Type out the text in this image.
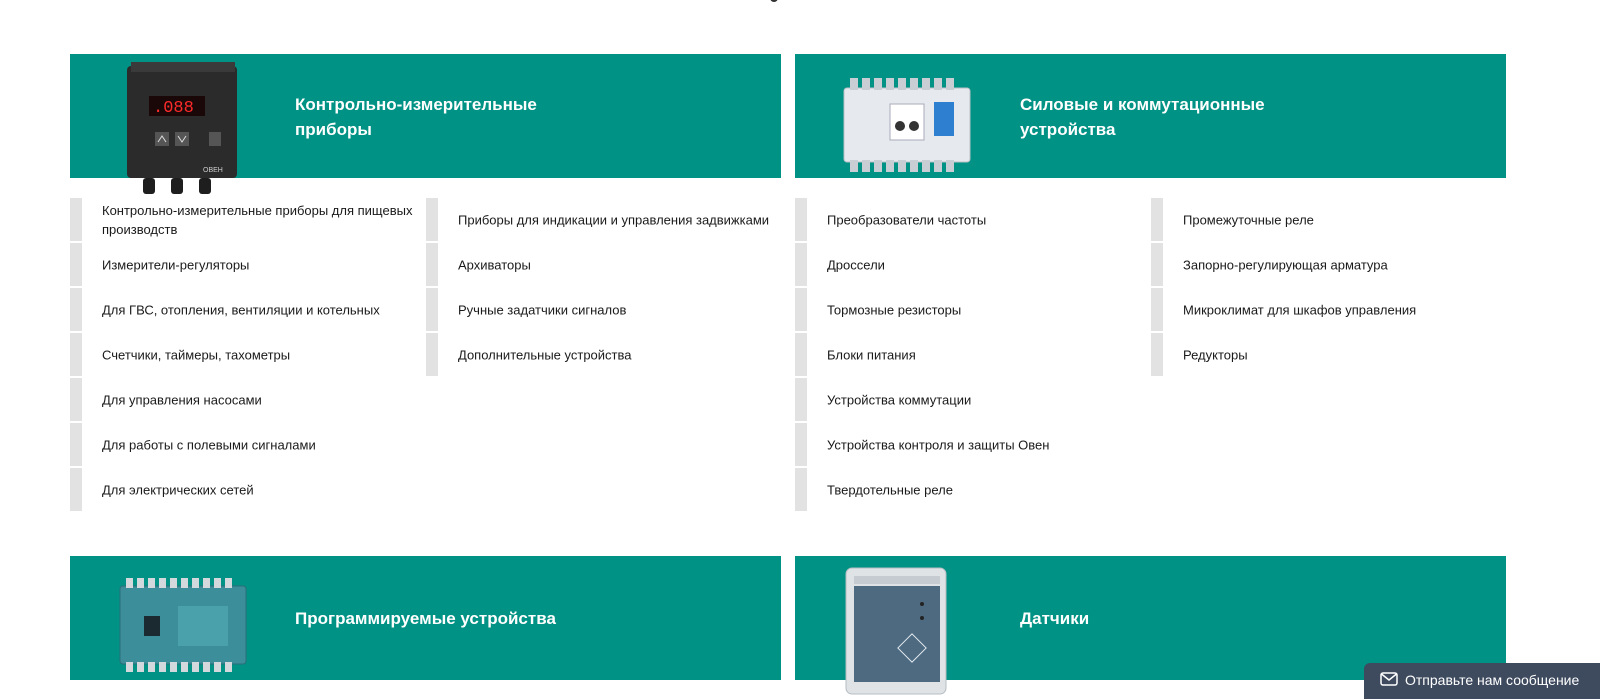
.088
ОВЕН
Контрольно-измерительные приборы
Контрольно-измерительные приборы для пищевых производств
Измерители-регуляторы
Для ГВС, отопления, вентиляции и котельных
Счетчики, таймеры, тахометры
Для управления насосами
Для работы с полевыми сигналами
Для электрических сетей
Приборы для индикации и управления задвижками
Архиваторы
Ручные задатчики сигналов
Дополнительные устройства
Силовые и коммутационные устройства
Преобразователи частоты
Дроссели
Тормозные резисторы
Блоки питания
Устройства коммутации
Устройства контроля и защиты Овен
Твердотельные реле
Промежуточные реле
Запорно-регулирующая арматура
Микроклимат для шкафов управления
Редукторы
Программируемые устройства	Датчики
Отправьте нам сообщение
